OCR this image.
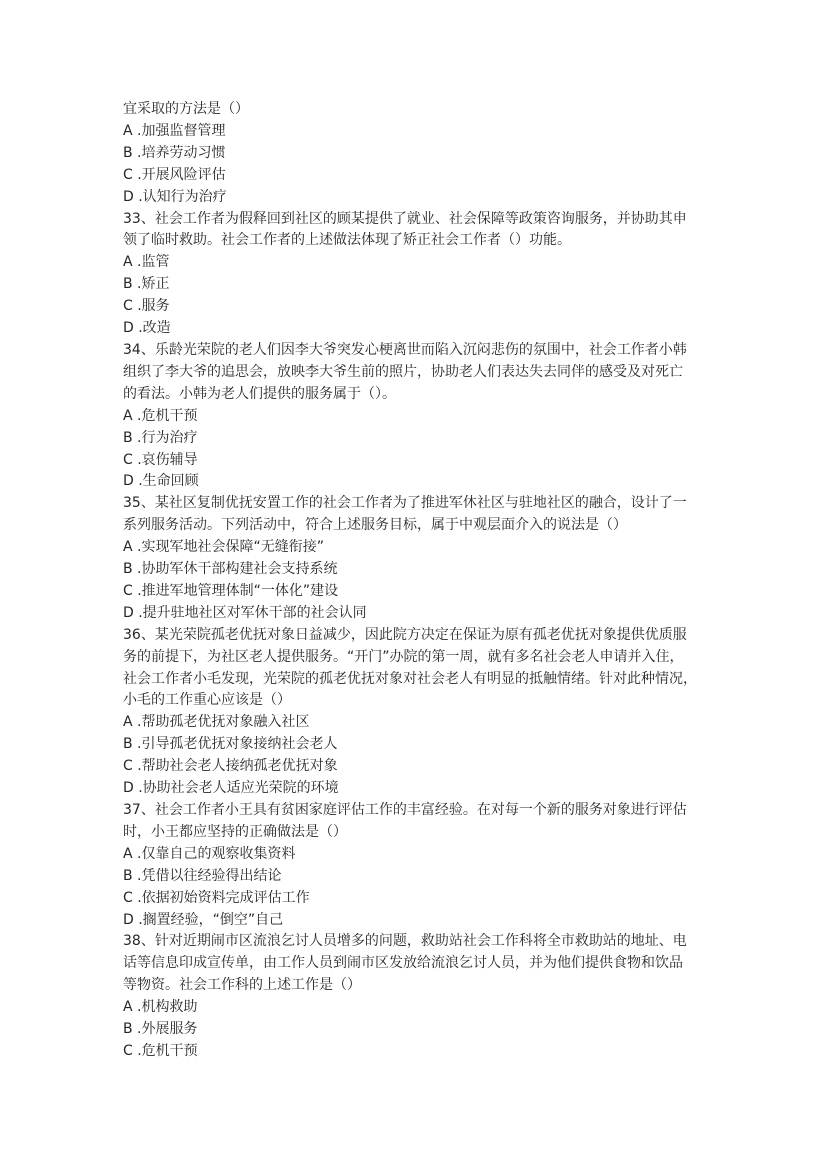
宜采取的方法是（）
A .加强监督管理
B .培养劳动习惯
C .开展风险评估
D .认知行为治疗
33、社会工作者为假释回到社区的顾某提供了就业、社会保障等政策咨询服务，并协助其申
领了临时救助。社会工作者的上述做法体现了矫正社会工作者（）功能。
A .监管
B .矫正
C .服务
D .改造
34、乐龄光荣院的老人们因李大爷突发心梗离世而陷入沉闷悲伤的氛围中，社会工作者小韩
组织了李大爷的追思会，放映李大爷生前的照片，协助老人们表达失去同伴的感受及对死亡
的看法。小韩为老人们提供的服务属于（）。
A .危机干预
B .行为治疗
C .哀伤辅导
D .生命回顾
35、某社区复制优抚安置工作的社会工作者为了推进军休社区与驻地社区的融合，设计了一
系列服务活动。下列活动中，符合上述服务目标，属于中观层面介入的说法是（）
A .实现军地社会保障“无缝衔接”
B .协助军休干部构建社会支持系统
C .推进军地管理体制“一体化”建设
D .提升驻地社区对军休干部的社会认同
36、某光荣院孤老优抚对象日益减少，因此院方决定在保证为原有孤老优抚对象提供优质服
务的前提下，为社区老人提供服务。“开门”办院的第一周，就有多名社会老人申请并入住，
社会工作者小毛发现，光荣院的孤老优抚对象对社会老人有明显的抵触情绪。针对此种情况，
小毛的工作重心应该是（）
A .帮助孤老优抚对象融入社区
B .引导孤老优抚对象接纳社会老人
C .帮助社会老人接纳孤老优抚对象
D .协助社会老人适应光荣院的环境
37、社会工作者小王具有贫困家庭评估工作的丰富经验。在对每一个新的服务对象进行评估
时，小王都应坚持的正确做法是（）
A .仅靠自己的观察收集资料
B .凭借以往经验得出结论
C .依据初始资料完成评估工作
D .搁置经验，“倒空”自己
38、针对近期闹市区流浪乞讨人员增多的问题，救助站社会工作科将全市救助站的地址、电
话等信息印成宣传单，由工作人员到闹市区发放给流浪乞讨人员，并为他们提供食物和饮品
等物资。社会工作科的上述工作是（）
A .机构救助
B .外展服务
C .危机干预
